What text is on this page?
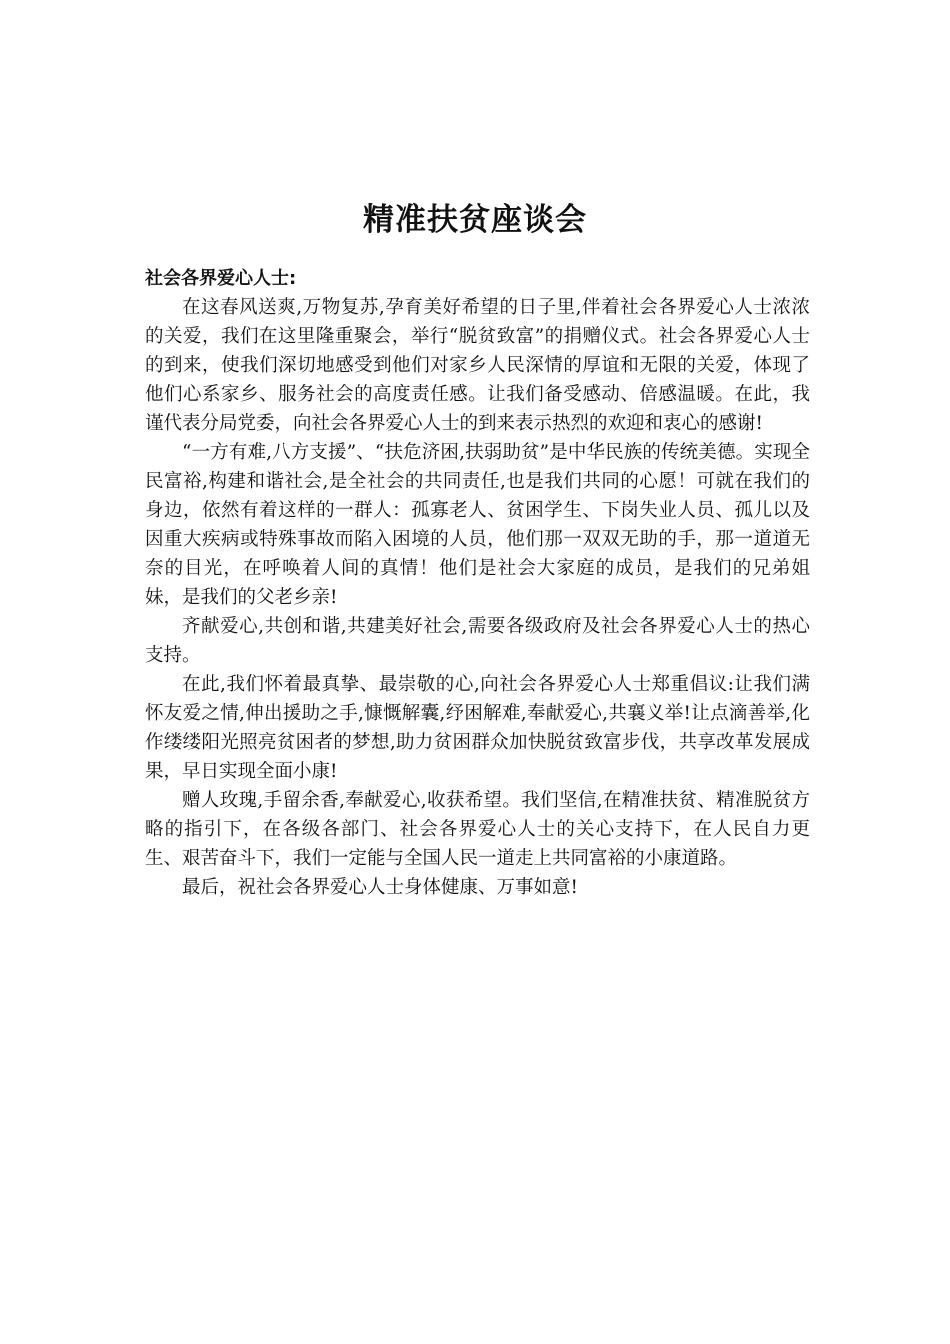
精准扶贫座谈会

社会各界爱心人士:

在这春风送爽,万物复苏,孕育美好希望的日子里,伴着社会各界爱心人士浓浓的关爱，我们在这里隆重聚会，举行“脱贫致富”的捐赠仪式。社会各界爱心人士的到来，使我们深切地感受到他们对家乡人民深情的厚谊和无限的关爱，体现了他们心系家乡、服务社会的高度责任感。让我们备受感动、倍感温暖。在此，我谨代表分局党委，向社会各界爱心人士的到来表示热烈的欢迎和衷心的感谢!

“一方有难,八方支援”、“扶危济困,扶弱助贫”是中华民族的传统美德。实现全民富裕,构建和谐社会,是全社会的共同责任,也是我们共同的心愿！可就在我们的身边，依然有着这样的一群人：孤寡老人、贫困学生、下岗失业人员、孤儿以及因重大疾病或特殊事故而陷入困境的人员，他们那一双双无助的手，那一道道无奈的目光，在呼唤着人间的真情！他们是社会大家庭的成员，是我们的兄弟姐妹，是我们的父老乡亲!

齐献爱心,共创和谐,共建美好社会,需要各级政府及社会各界爱心人士的热心支持。

在此,我们怀着最真挚、最崇敬的心,向社会各界爱心人士郑重倡议:让我们满怀友爱之情,伸出援助之手,慷慨解囊,纾困解难,奉献爱心,共襄义举!让点滴善举,化作缕缕阳光照亮贫困者的梦想,助力贫困群众加快脱贫致富步伐，共享改革发展成果，早日实现全面小康!

赠人玫瑰,手留余香,奉献爱心,收获希望。我们坚信,在精准扶贫、精准脱贫方略的指引下，在各级各部门、社会各界爱心人士的关心支持下，在人民自力更生、艰苦奋斗下，我们一定能与全国人民一道走上共同富裕的小康道路。

最后，祝社会各界爱心人士身体健康、万事如意!
